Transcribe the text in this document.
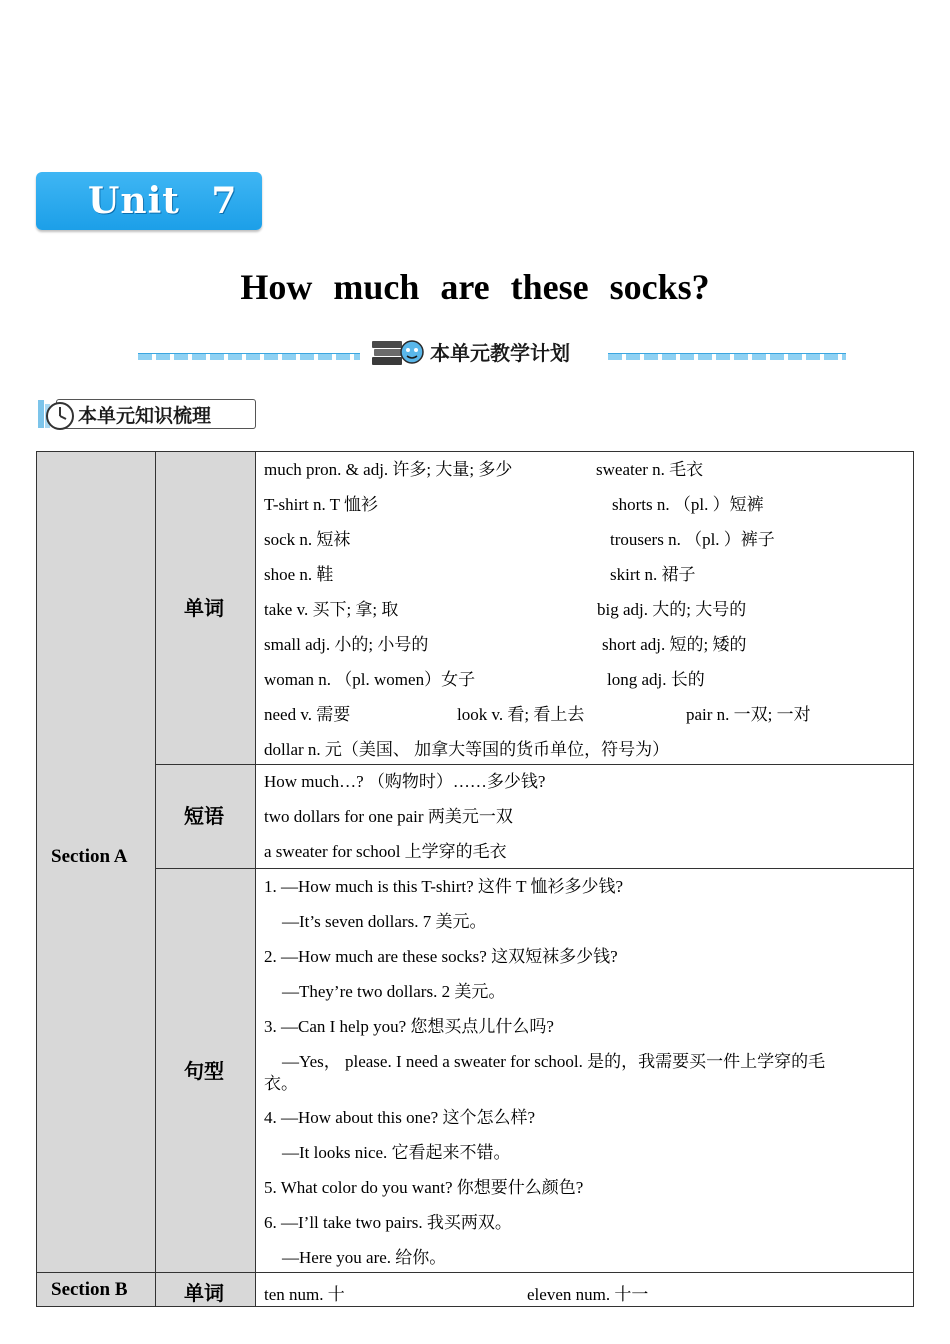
Unit 7
How much are these socks?
本单元教学计划
本单元知识梳理
Section A
单词
much pron. & adj. 许多; 大量; 多少	sweater n. 毛衣
T-shirt n. T 恤衫	shorts n. （pl. ）短裤
sock n. 短袜	trousers n. （pl. ）裤子
shoe n. 鞋	skirt n. 裙子
take v. 买下; 拿; 取	big adj. 大的; 大号的
small adj. 小的; 小号的	short adj. 短的; 矮的
woman n. （pl. women）女子	long adj. 长的
need v. 需要	look v. 看; 看上去	pair n. 一双; 一对
dollar n. 元（美国、 加拿大等国的货币单位，符号为）
短语
How much…? （购物时）……多少钱?
two dollars for one pair 两美元一双
a sweater for school 上学穿的毛衣
句型
1. —How much is this T-shirt? 这件 T 恤衫多少钱?
—It’s seven dollars. 7 美元。
2. —How much are these socks? 这双短袜多少钱?
—They’re two dollars. 2 美元。
3. —Can I help you? 您想买点儿什么吗?
—Yes， please. I need a sweater for school. 是的，我需要买一件上学穿的毛
衣。
4. —How about this one? 这个怎么样?
—It looks nice. 它看起来不错。
5. What color do you want? 你想要什么颜色?
6. —I’ll take two pairs. 我买两双。
—Here you are. 给你。
Section B	单词 ten num. 十	eleven num. 十一
